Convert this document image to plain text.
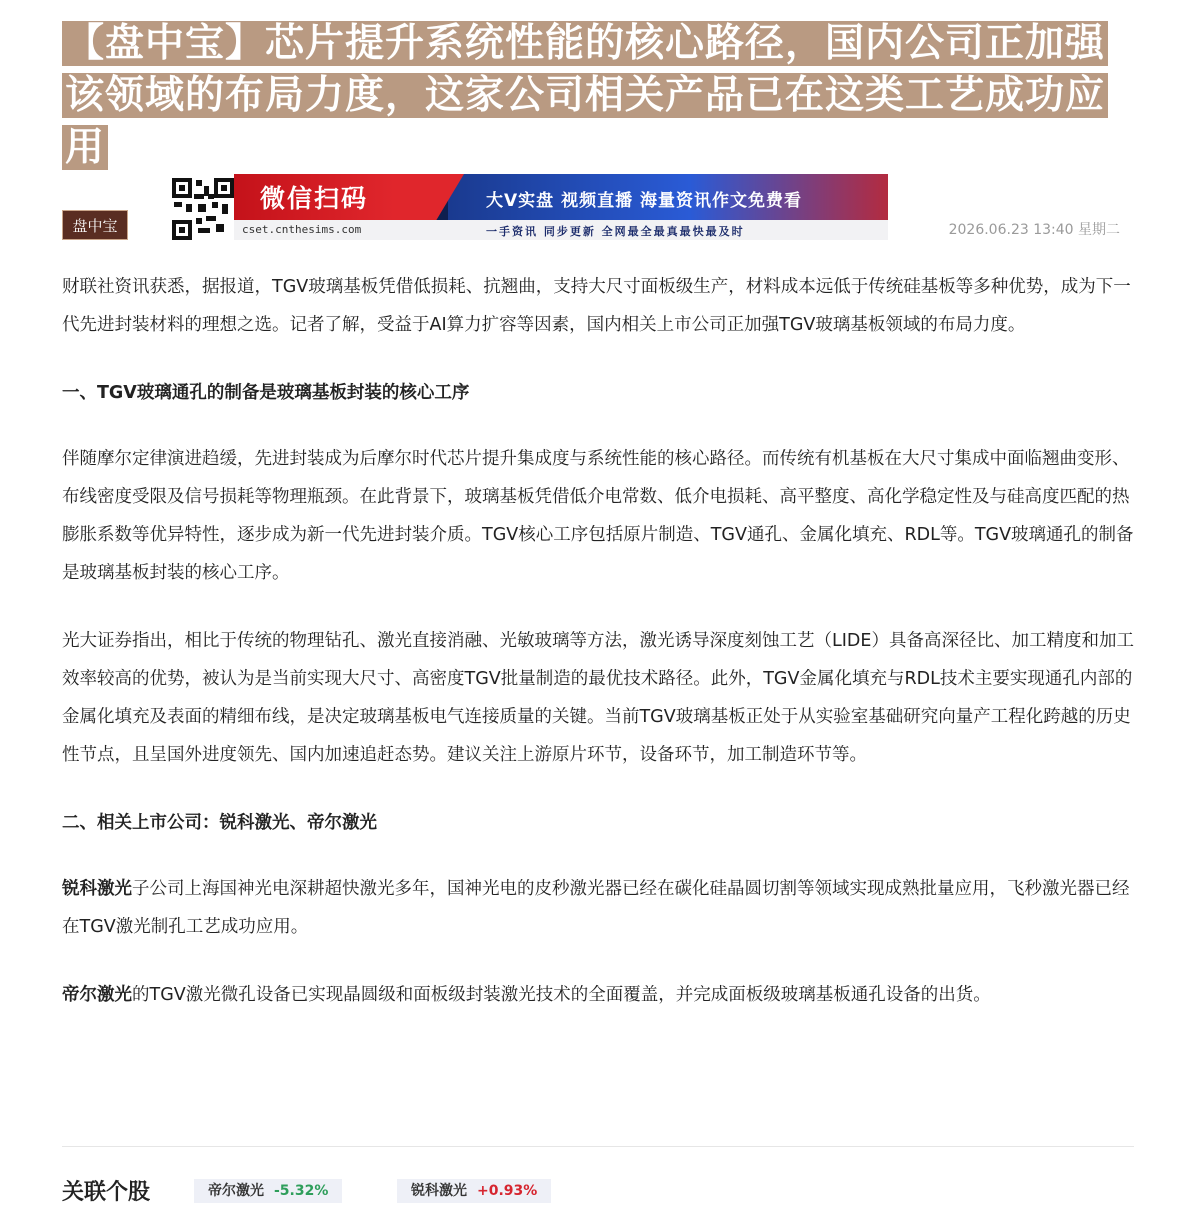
【盘中宝】芯片提升系统性能的核心路径，国内公司正加强
该领域的布局力度，这家公司相关产品已在这类工艺成功应
用
盘中宝
微信扫码	大V实盘 视频直播 海量资讯作文免费看
cset.cnthesims.com	一手资讯 同步更新 全网最全最真最快最及时	2026.06.23 13:40 星期二

财联社资讯获悉，据报道，TGV玻璃基板凭借低损耗、抗翘曲，支持大尺寸面板级生产，材料成本远低于传统硅基板等多种优势，成为下一代先进封装材料的理想之选。记者了解，受益于AI算力扩容等因素，国内相关上市公司正加强TGV玻璃基板领域的布局力度。

一、TGV玻璃通孔的制备是玻璃基板封装的核心工序

伴随摩尔定律演进趋缓，先进封装成为后摩尔时代芯片提升集成度与系统性能的核心路径。而传统有机基板在大尺寸集成中面临翘曲变形、布线密度受限及信号损耗等物理瓶颈。在此背景下，玻璃基板凭借低介电常数、低介电损耗、高平整度、高化学稳定性及与硅高度匹配的热膨胀系数等优异特性，逐步成为新一代先进封装介质。TGV核心工序包括原片制造、TGV通孔、金属化填充、RDL等。TGV玻璃通孔的制备是玻璃基板封装的核心工序。

光大证券指出，相比于传统的物理钻孔、激光直接消融、光敏玻璃等方法，激光诱导深度刻蚀工艺（LIDE）具备高深径比、加工精度和加工效率较高的优势，被认为是当前实现大尺寸、高密度TGV批量制造的最优技术路径。此外，TGV金属化填充与RDL技术主要实现通孔内部的金属化填充及表面的精细布线，是决定玻璃基板电气连接质量的关键。当前TGV玻璃基板正处于从实验室基础研究向量产工程化跨越的历史性节点，且呈国外进度领先、国内加速追赶态势。建议关注上游原片环节，设备环节，加工制造环节等。

二、相关上市公司：锐科激光、帝尔激光

锐科激光子公司上海国神光电深耕超快激光多年，国神光电的皮秒激光器已经在碳化硅晶圆切割等领域实现成熟批量应用，飞秒激光器已经在TGV激光制孔工艺成功应用。

帝尔激光的TGV激光微孔设备已实现晶圆级和面板级封装激光技术的全面覆盖，并完成面板级玻璃基板通孔设备的出货。

关联个股	帝尔激光 -5.32%	锐科激光 +0.93%
